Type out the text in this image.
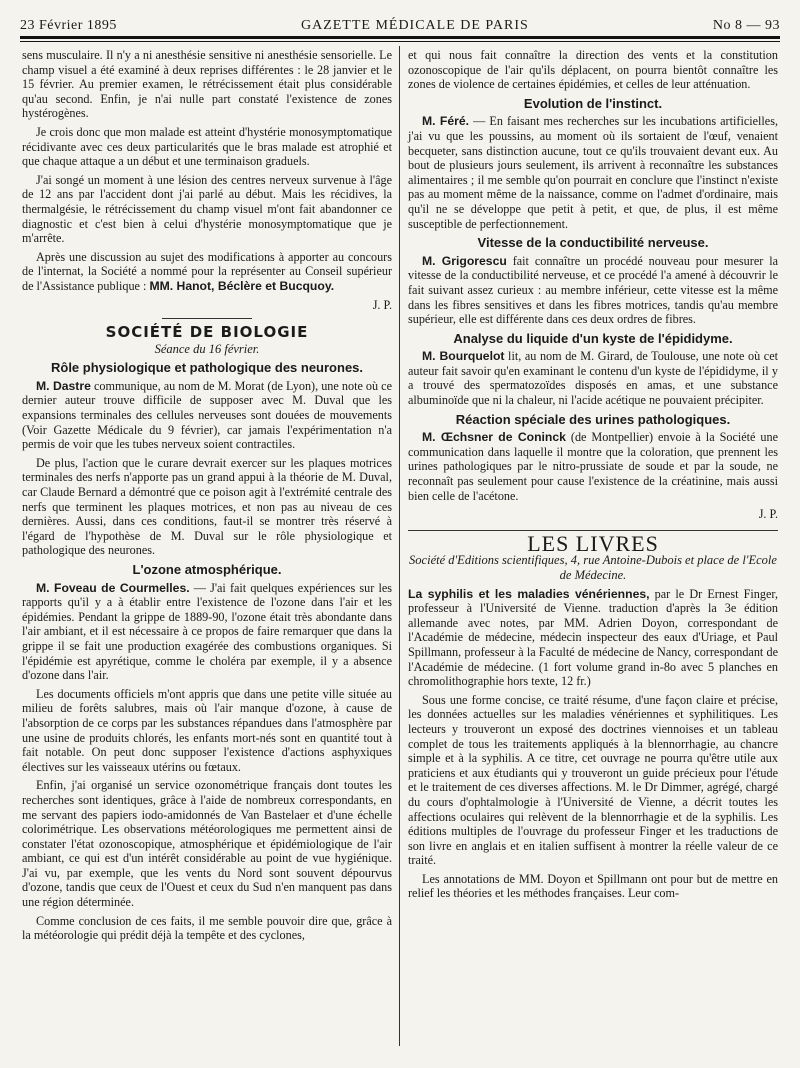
23 Février 1895	GAZETTE MÉDICALE DE PARIS	No 8 — 93

sens musculaire. Il n'y a ni anesthésie sensitive ni anesthésie sensorielle. Le champ visuel a été examiné à deux reprises différentes : le 28 janvier et le 15 février. Au premier examen, le rétrécissement était plus considérable qu'au second. Enfin, je n'ai nulle part constaté l'existence de zones hystérogènes.

Je crois donc que mon malade est atteint d'hystérie monosymptomatique récidivante avec ces deux particularités que le bras malade est atrophié et que chaque attaque a un début et une terminaison graduels.

J'ai songé un moment à une lésion des centres nerveux survenue à l'âge de 12 ans par l'accident dont j'ai parlé au début. Mais les récidives, la thermalgésie, le rétrécissement du champ visuel m'ont fait abandonner ce diagnostic et c'est bien à celui d'hystérie monosymptomatique que je m'arrête.

Après une discussion au sujet des modifications à apporter au concours de l'internat, la Société a nommé pour la représenter au Conseil supérieur de l'Assistance publique : MM. Hanot, Béclère et Bucquoy.

J. P.

SOCIÉTÉ DE BIOLOGIE
Séance du 16 février.
Rôle physiologique et pathologique des neurones.

M. Dastre communique, au nom de M. Morat (de Lyon), une note où ce dernier auteur trouve difficile de supposer avec M. Duval que les expansions terminales des cellules nerveuses sont douées de mouvements (Voir Gazette Médicale du 9 février), car jamais l'expérimentation n'a permis de voir que les tubes nerveux soient contractiles.

De plus, l'action que le curare devrait exercer sur les plaques motrices terminales des nerfs n'apporte pas un grand appui à la théorie de M. Duval, car Claude Bernard a démontré que ce poison agit à l'extrémité centrale des nerfs que terminent les plaques motrices, et non pas au niveau de ces dernières. Aussi, dans ces conditions, faut-il se montrer très réservé à l'égard de l'hypothèse de M. Duval sur le rôle physiologique et pathologique des neurones.

L'ozone atmosphérique.

M. Foveau de Courmelles. — J'ai fait quelques expériences sur les rapports qu'il y a à établir entre l'existence de l'ozone dans l'air et les épidémies. Pendant la grippe de 1889-90, l'ozone était très abondante dans l'air ambiant, et il est nécessaire à ce propos de faire remarquer que dans la grippe il se fait une production exagérée des combustions organiques. Si l'épidémie est apyrétique, comme le choléra par exemple, il y a absence d'ozone dans l'air.

Les documents officiels m'ont appris que dans une petite ville située au milieu de forêts salubres, mais où l'air manque d'ozone, à cause de l'absorption de ce corps par les substances répandues dans l'atmosphère par une usine de produits chlorés, les enfants mort-nés sont en quantité tout à fait notable. On peut donc supposer l'existence d'actions asphyxiques électives sur les vaisseaux utérins ou fœtaux.

Enfin, j'ai organisé un service ozonométrique français dont toutes les recherches sont identiques, grâce à l'aide de nombreux correspondants, en me servant des papiers iodo-amidonnés de Van Bastelaer et d'une échelle colorimétrique. Les observations météorologiques me permettent ainsi de constater l'état ozonoscopique, atmosphérique et épidémiologique de l'air ambiant, ce qui est d'un intérêt considérable au point de vue hygiénique. J'ai vu, par exemple, que les vents du Nord sont souvent dépourvus d'ozone, tandis que ceux de l'Ouest et ceux du Sud n'en manquent pas dans une région déterminée.

Comme conclusion de ces faits, il me semble pouvoir dire que, grâce à la météorologie qui prédit déjà la tempête et des cyclones,

et qui nous fait connaître la direction des vents et la constitution ozonoscopique de l'air qu'ils déplacent, on pourra bientôt connaître les zones de violence de certaines épidémies, et celles de leur atténuation.

Evolution de l'instinct.

M. Féré. — En faisant mes recherches sur les incubations artificielles, j'ai vu que les poussins, au moment où ils sortaient de l'œuf, venaient becqueter, sans distinction aucune, tout ce qu'ils trouvaient devant eux. Au bout de plusieurs jours seulement, ils arrivent à reconnaître les substances alimentaires ; il me semble qu'on pourrait en conclure que l'instinct n'existe pas au moment même de la naissance, comme on l'admet d'ordinaire, mais qu'il ne se développe que petit à petit, et que, de plus, il est même susceptible de perfectionnement.

Vitesse de la conductibilité nerveuse.

M. Grigorescu fait connaître un procédé nouveau pour mesurer la vitesse de la conductibilité nerveuse, et ce procédé l'a amené à découvrir le fait suivant assez curieux : au membre inférieur, cette vitesse est la même dans les fibres sensitives et dans les fibres motrices, tandis qu'au membre supérieur, elle est différente dans ces deux ordres de fibres.

Analyse du liquide d'un kyste de l'épididyme.

M. Bourquelot lit, au nom de M. Girard, de Toulouse, une note où cet auteur fait savoir qu'en examinant le contenu d'un kyste de l'épididyme, il y a trouvé des spermatozoïdes disposés en amas, et une substance albuminoïde que ni la chaleur, ni l'acide acétique ne pouvaient précipiter.

Réaction spéciale des urines pathologiques.

M. Œchsner de Coninck (de Montpellier) envoie à la Société une communication dans laquelle il montre que la coloration, que prennent les urines pathologiques par le nitro-prussiate de soude et par la soude, ne reconnaît pas seulement pour cause l'existence de la créatinine, mais aussi bien celle de l'acétone.

J. P.

LES LIVRES
Société d'Editions scientifiques, 4, rue Antoine-Dubois et place de l'Ecole de Médecine.

La syphilis et les maladies vénériennes, par le Dr Ernest Finger, professeur à l'Université de Vienne. traduction d'après la 3e édition allemande avec notes, par MM. Adrien Doyon, correspondant de l'Académie de médecine, médecin inspecteur des eaux d'Uriage, et Paul Spillmann, professeur à la Faculté de médecine de Nancy, correspondant de l'Académie de médecine. (1 fort volume grand in-8o avec 5 planches en chromolithographie hors texte, 12 fr.)

Sous une forme concise, ce traité résume, d'une façon claire et précise, les données actuelles sur les maladies vénériennes et syphilitiques. Les lecteurs y trouveront un exposé des doctrines viennoises et un tableau complet de tous les traitements appliqués à la blennorrhagie, au chancre simple et à la syphilis. A ce titre, cet ouvrage ne pourra qu'être utile aux praticiens et aux étudiants qui y trouveront un guide précieux pour l'étude et le traitement de ces diverses affections. M. le Dr Dimmer, agrégé, chargé du cours d'ophtalmologie à l'Université de Vienne, a décrit toutes les affections oculaires qui relèvent de la blennorrhagie et de la syphilis. Les éditions multiples de l'ouvrage du professeur Finger et les traductions de son livre en anglais et en italien suffisent à montrer la réelle valeur de ce traité.

Les annotations de MM. Doyon et Spillmann ont pour but de mettre en relief les théories et les méthodes françaises. Leur com-
